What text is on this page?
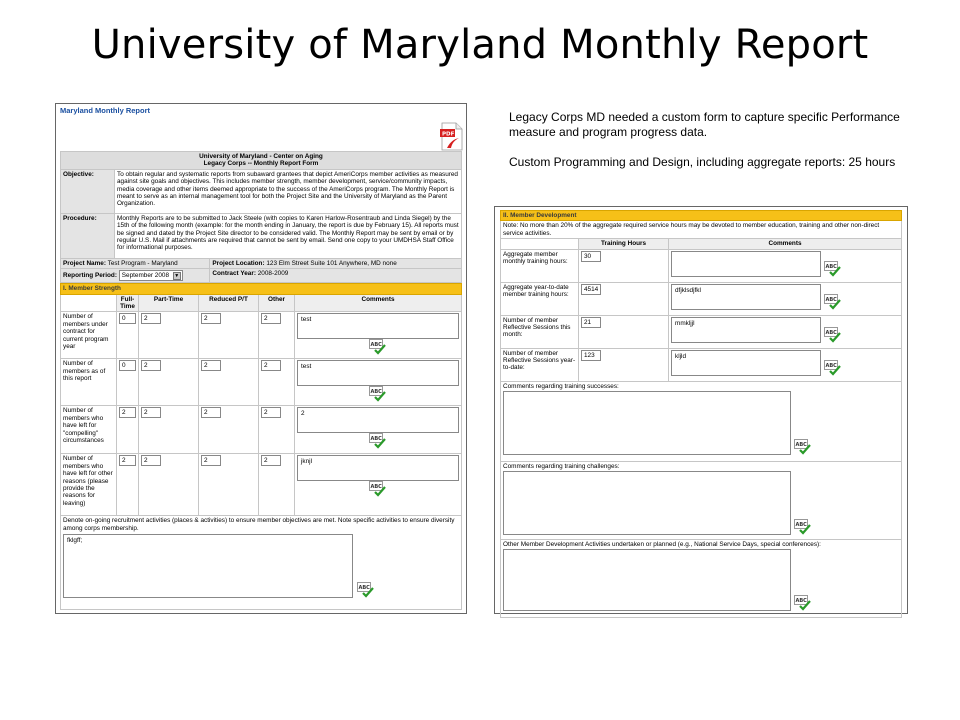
University of Maryland Monthly Report

Legacy Corps MD needed a custom form to capture specific Performance measure and program progress data.

Custom Programming and Design, including aggregate reports: 25 hours

Maryland Monthly Report
PDF
University of Maryland - Center on Aging
Legacy Corps -- Monthly Report Form		

Objective:	To obtain regular and systematic reports from subaward grantees that depict AmeriCorps member activities as measured against site goals and objectives. This includes member strength, member development, service/community impacts, media coverage and other items deemed appropriate to the success of the AmeriCorps program. The Monthly Report is meant to serve as an internal management tool for both the Project Site and the University of Maryland as the Parent Organization.	
Procedure:	Monthly Reports are to be submitted to Jack Steele (with copies to Karen Harlow-Rosentraub and Linda Siegel) by the 15th of the following month (example: for the month ending in January, the report is due by February 15). All reports must be signed and dated by the Project Site director to be considered valid. The Monthly Report may be sent by email or by regular U.S. Mail if attachments are required that cannot be sent by email. Send one copy to your UMDHSA Staff Office for informational purposes.	
Project Name: Test Program - Maryland		Project Location: 123 Elm Street Suite 101 Anywhere, MD none
Reporting Period: September 2008 ▼		Contract Year: 2008-2009
I. Member Strength					
	Full-Time	Part-Time	Reduced P/T	Other	Comments
Number of members under contract for current program year	0	2	2	2	test
ABC

Number of members as of this report	0	2	2	2	test
ABC

Number of members who have left for "compelling" circumstances	2	2	2	2	2
ABC

Number of members who have left for other reasons (please provide the reasons for leaving)	2	2	2	2	jknjl
ABC

Denote on-going recruitment activities (places & activities) to ensure member objectives are met. Note specific activities to ensure diversity among corps membership.
fklgff;
ABC					
II. Member Development		
Note: No more than 20% of the aggregate required service hours may be devoted to member education, training and other non-direct service activities.		
	Training Hours	Comments
Aggregate member monthly training hours:	30	ABC

Aggregate year-to-date member training hours:	4514	dfjklsdjfkl
ABC

Number of member Reflective Sessions this month:	21	mmkljjl
ABC

Number of member Reflective Sessions year-to-date:	123	kljld
ABC

Comments regarding training successes:
ABC		

Comments regarding training challenges:
ABC		

Other Member Development Activities undertaken or planned (e.g., National Service Days, special conferences):
ABC		
